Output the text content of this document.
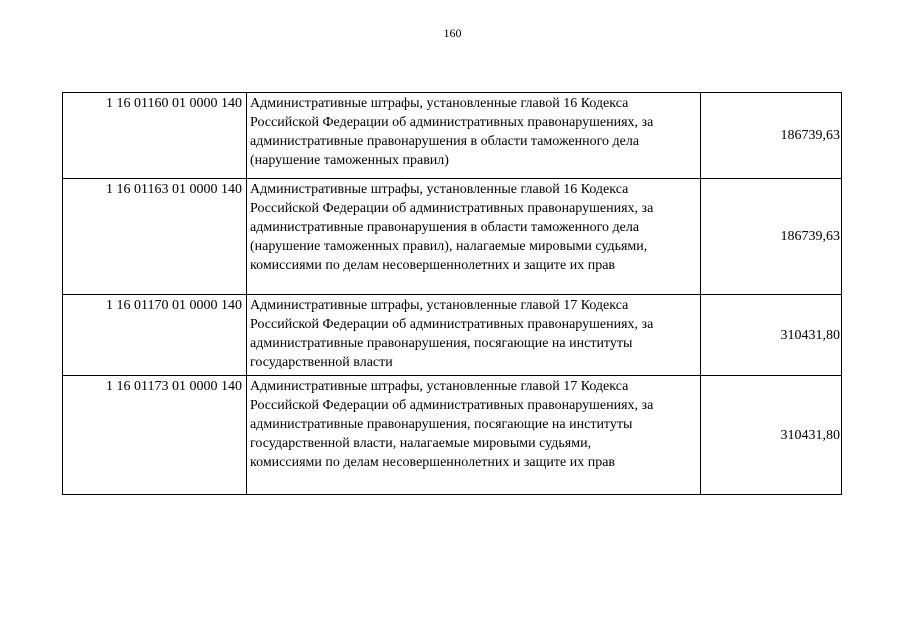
160
1 16 01160 01 0000 140	Административные штрафы, установленные главой 16 Кодекса
Российской Федерации об административных правонарушениях, за
административные правонарушения в области таможенного дела
(нарушение таможенных правил)	186739,63
1 16 01163 01 0000 140	Административные штрафы, установленные главой 16 Кодекса
Российской Федерации об административных правонарушениях, за
административные правонарушения в области таможенного дела
(нарушение таможенных правил), налагаемые мировыми судьями,
комиссиями по делам несовершеннолетних и защите их прав	186739,63
1 16 01170 01 0000 140	Административные штрафы, установленные главой 17 Кодекса
Российской Федерации об административных правонарушениях, за
административные правонарушения, посягающие на институты
государственной власти	310431,80
1 16 01173 01 0000 140	Административные штрафы, установленные главой 17 Кодекса
Российской Федерации об административных правонарушениях, за
административные правонарушения, посягающие на институты
государственной власти, налагаемые мировыми судьями,
комиссиями по делам несовершеннолетних и защите их прав	310431,80
